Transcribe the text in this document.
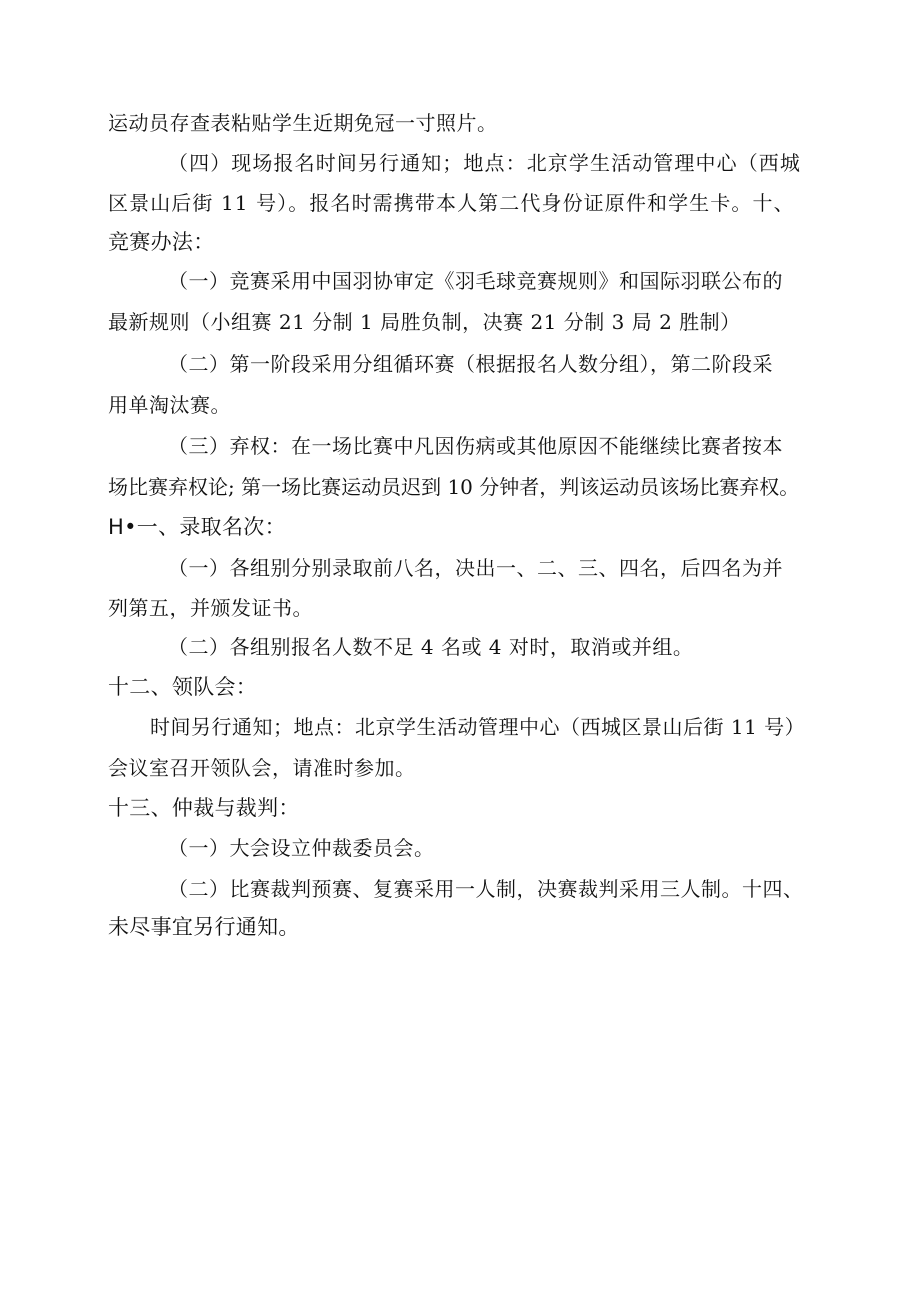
运动员存查表粘贴学生近期免冠一寸照片。
（四）现场报名时间另行通知；地点：北京学生活动管理中心（西城
区景山后街 11 号）。报名时需携带本人第二代身份证原件和学生卡。十、
竞赛办法：
（一）竞赛采用中国羽协审定《羽毛球竞赛规则》和国际羽联公布的
最新规则（小组赛 21 分制 1 局胜负制，决赛 21 分制 3 局 2 胜制）
（二）第一阶段采用分组循环赛（根据报名人数分组），第二阶段采
用单淘汰赛。
（三）弃权：在一场比赛中凡因伤病或其他原因不能继续比赛者按本
场比赛弃权论; 第一场比赛运动员迟到 10 分钟者，判该运动员该场比赛弃权。
H•一、录取名次：
（一）各组别分别录取前八名，决出一、二、三、四名，后四名为并
列第五，并颁发证书。
（二）各组别报名人数不足 4 名或 4 对时，取消或并组。
十二、领队会：
时间另行通知；地点：北京学生活动管理中心（西城区景山后街 11 号）
会议室召开领队会，请准时参加。
十三、仲裁与裁判：
（一）大会设立仲裁委员会。
（二）比赛裁判预赛、复赛采用一人制，决赛裁判采用三人制。十四、
未尽事宜另行通知。
